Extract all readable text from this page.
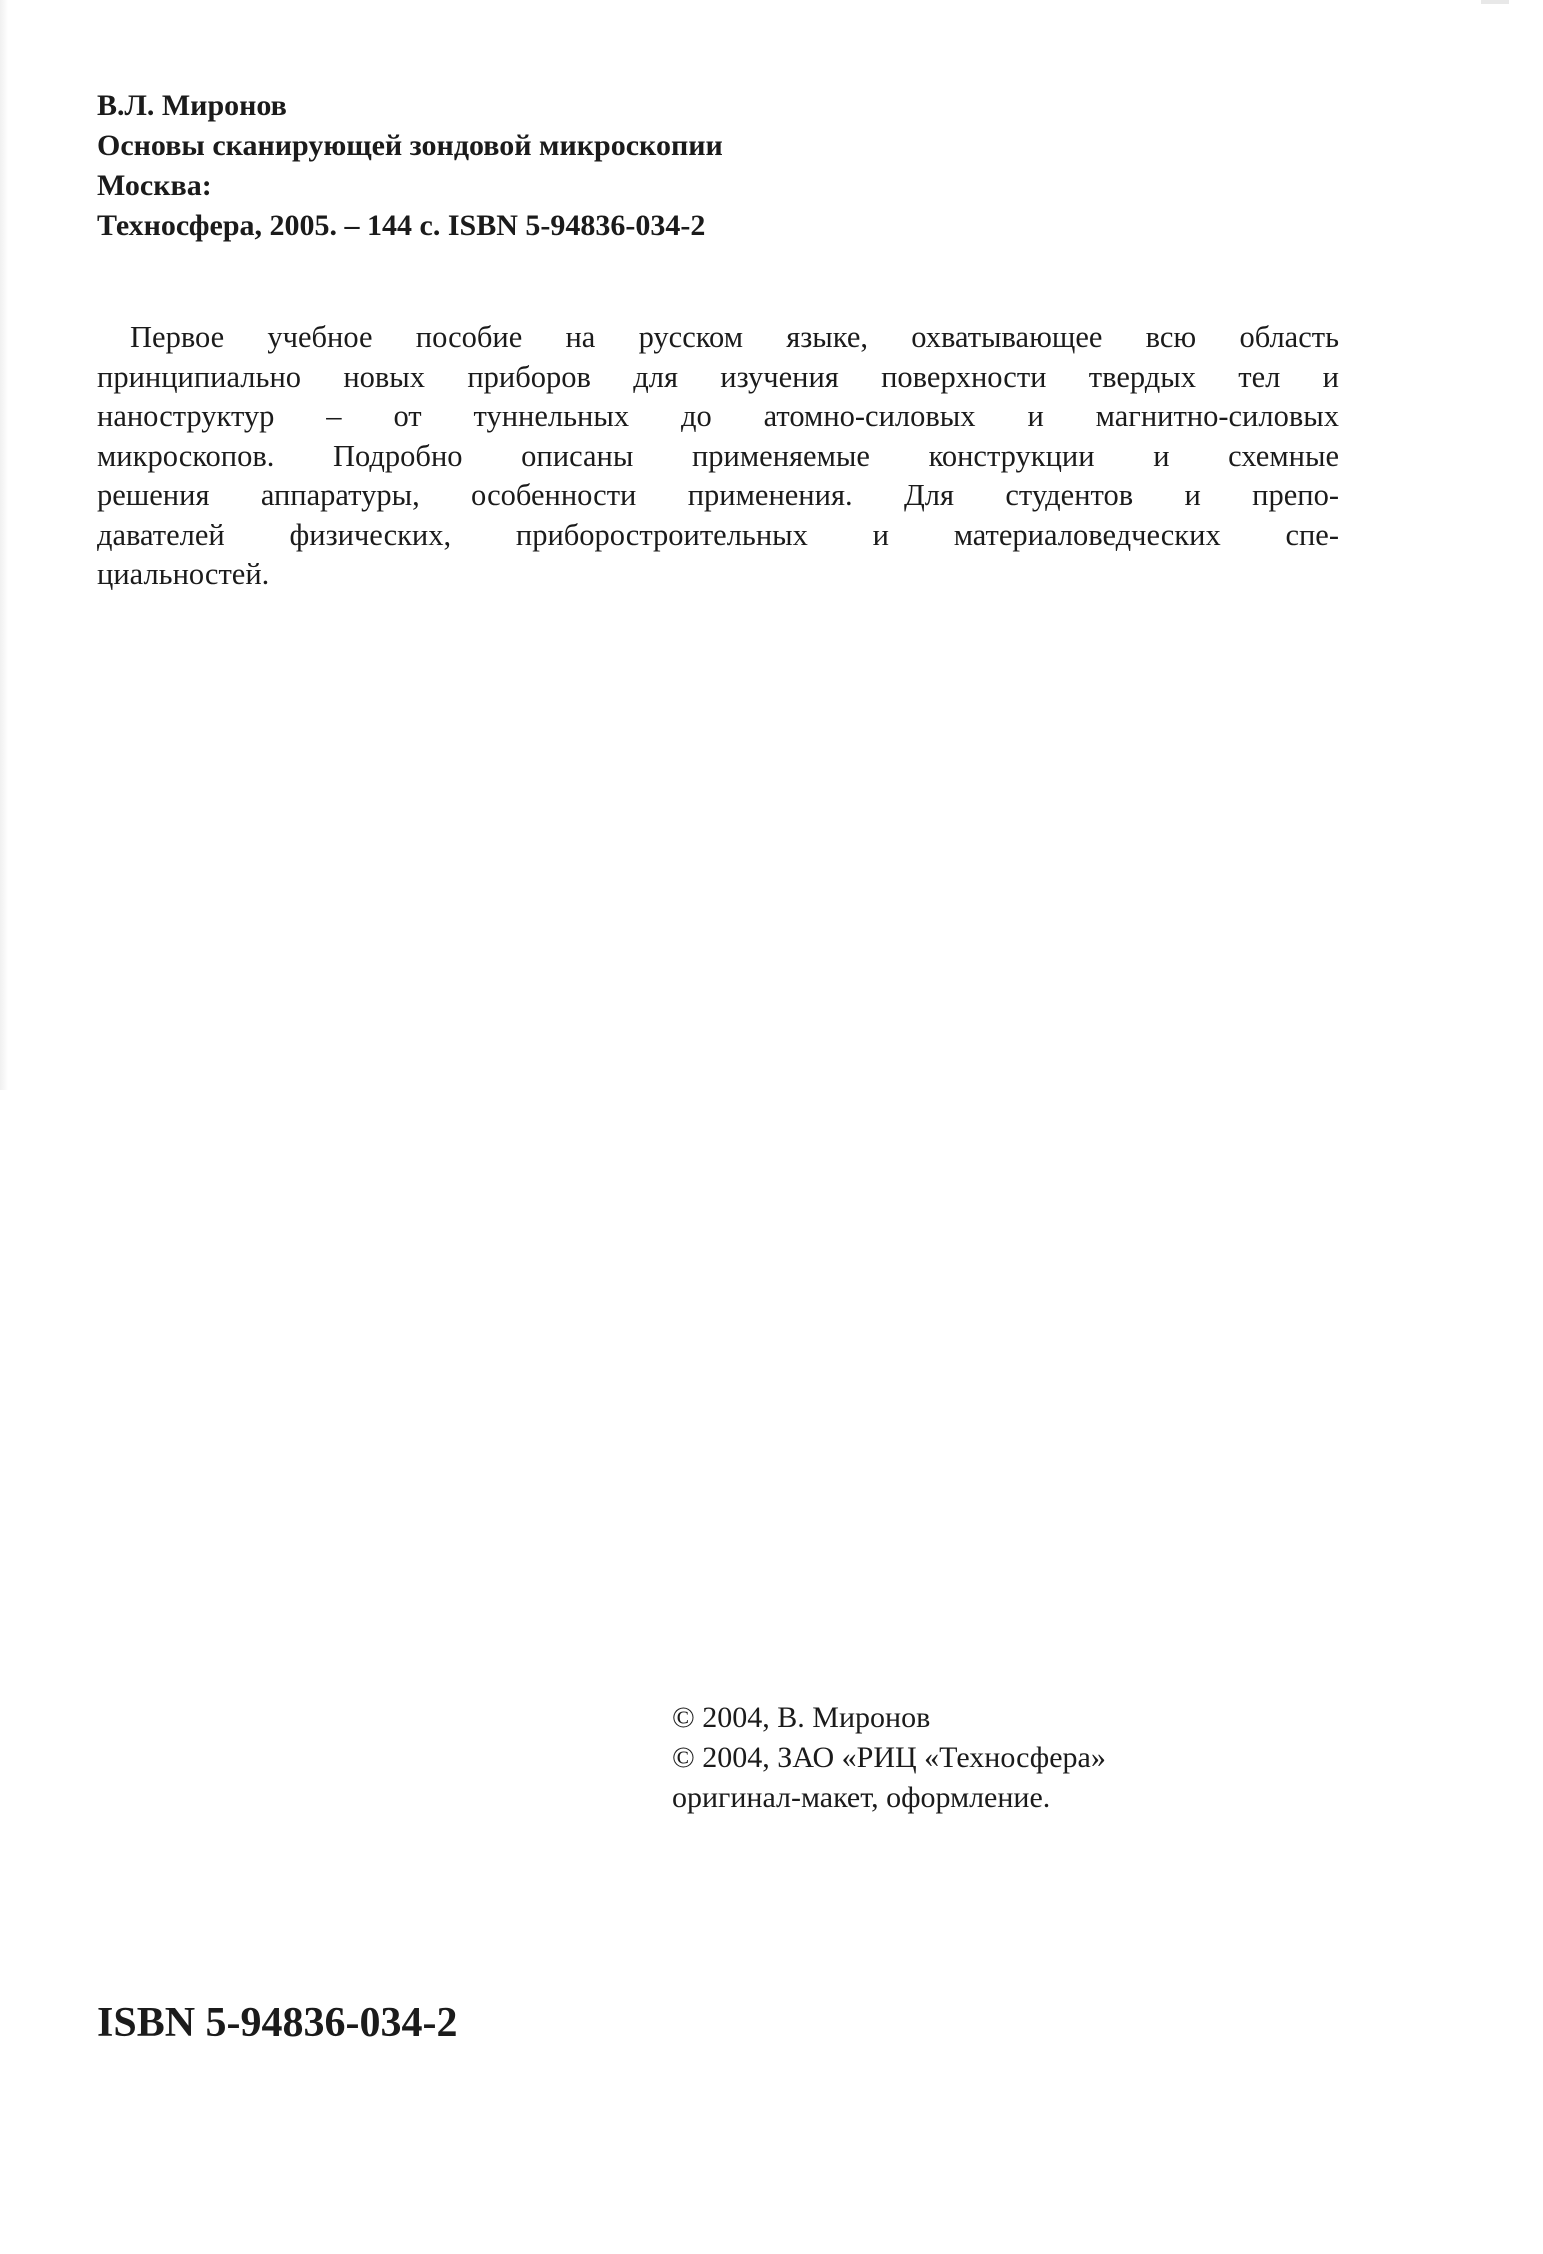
В.Л. Миронов
Основы сканирующей зондовой микроскопии
Москва:
Техносфера, 2005. – 144 с. ISBN 5-94836-034-2
Первое учебное пособие на русском языке, охватывающее всю область
принципиально новых приборов для изучения поверхности твердых тел и
наноструктур – от туннельных до атомно-силовых и магнитно-силовых
микроскопов. Подробно описаны применяемые конструкции и схемные
решения аппаратуры, особенности применения. Для студентов и препо-
давателей физических, приборостроительных и материаловедческих спе-
циальностей.
© 2004, В. Миронов
© 2004, ЗАО «РИЦ «Техносфера»
оригинал-макет, оформление.
ISBN 5-94836-034-2
